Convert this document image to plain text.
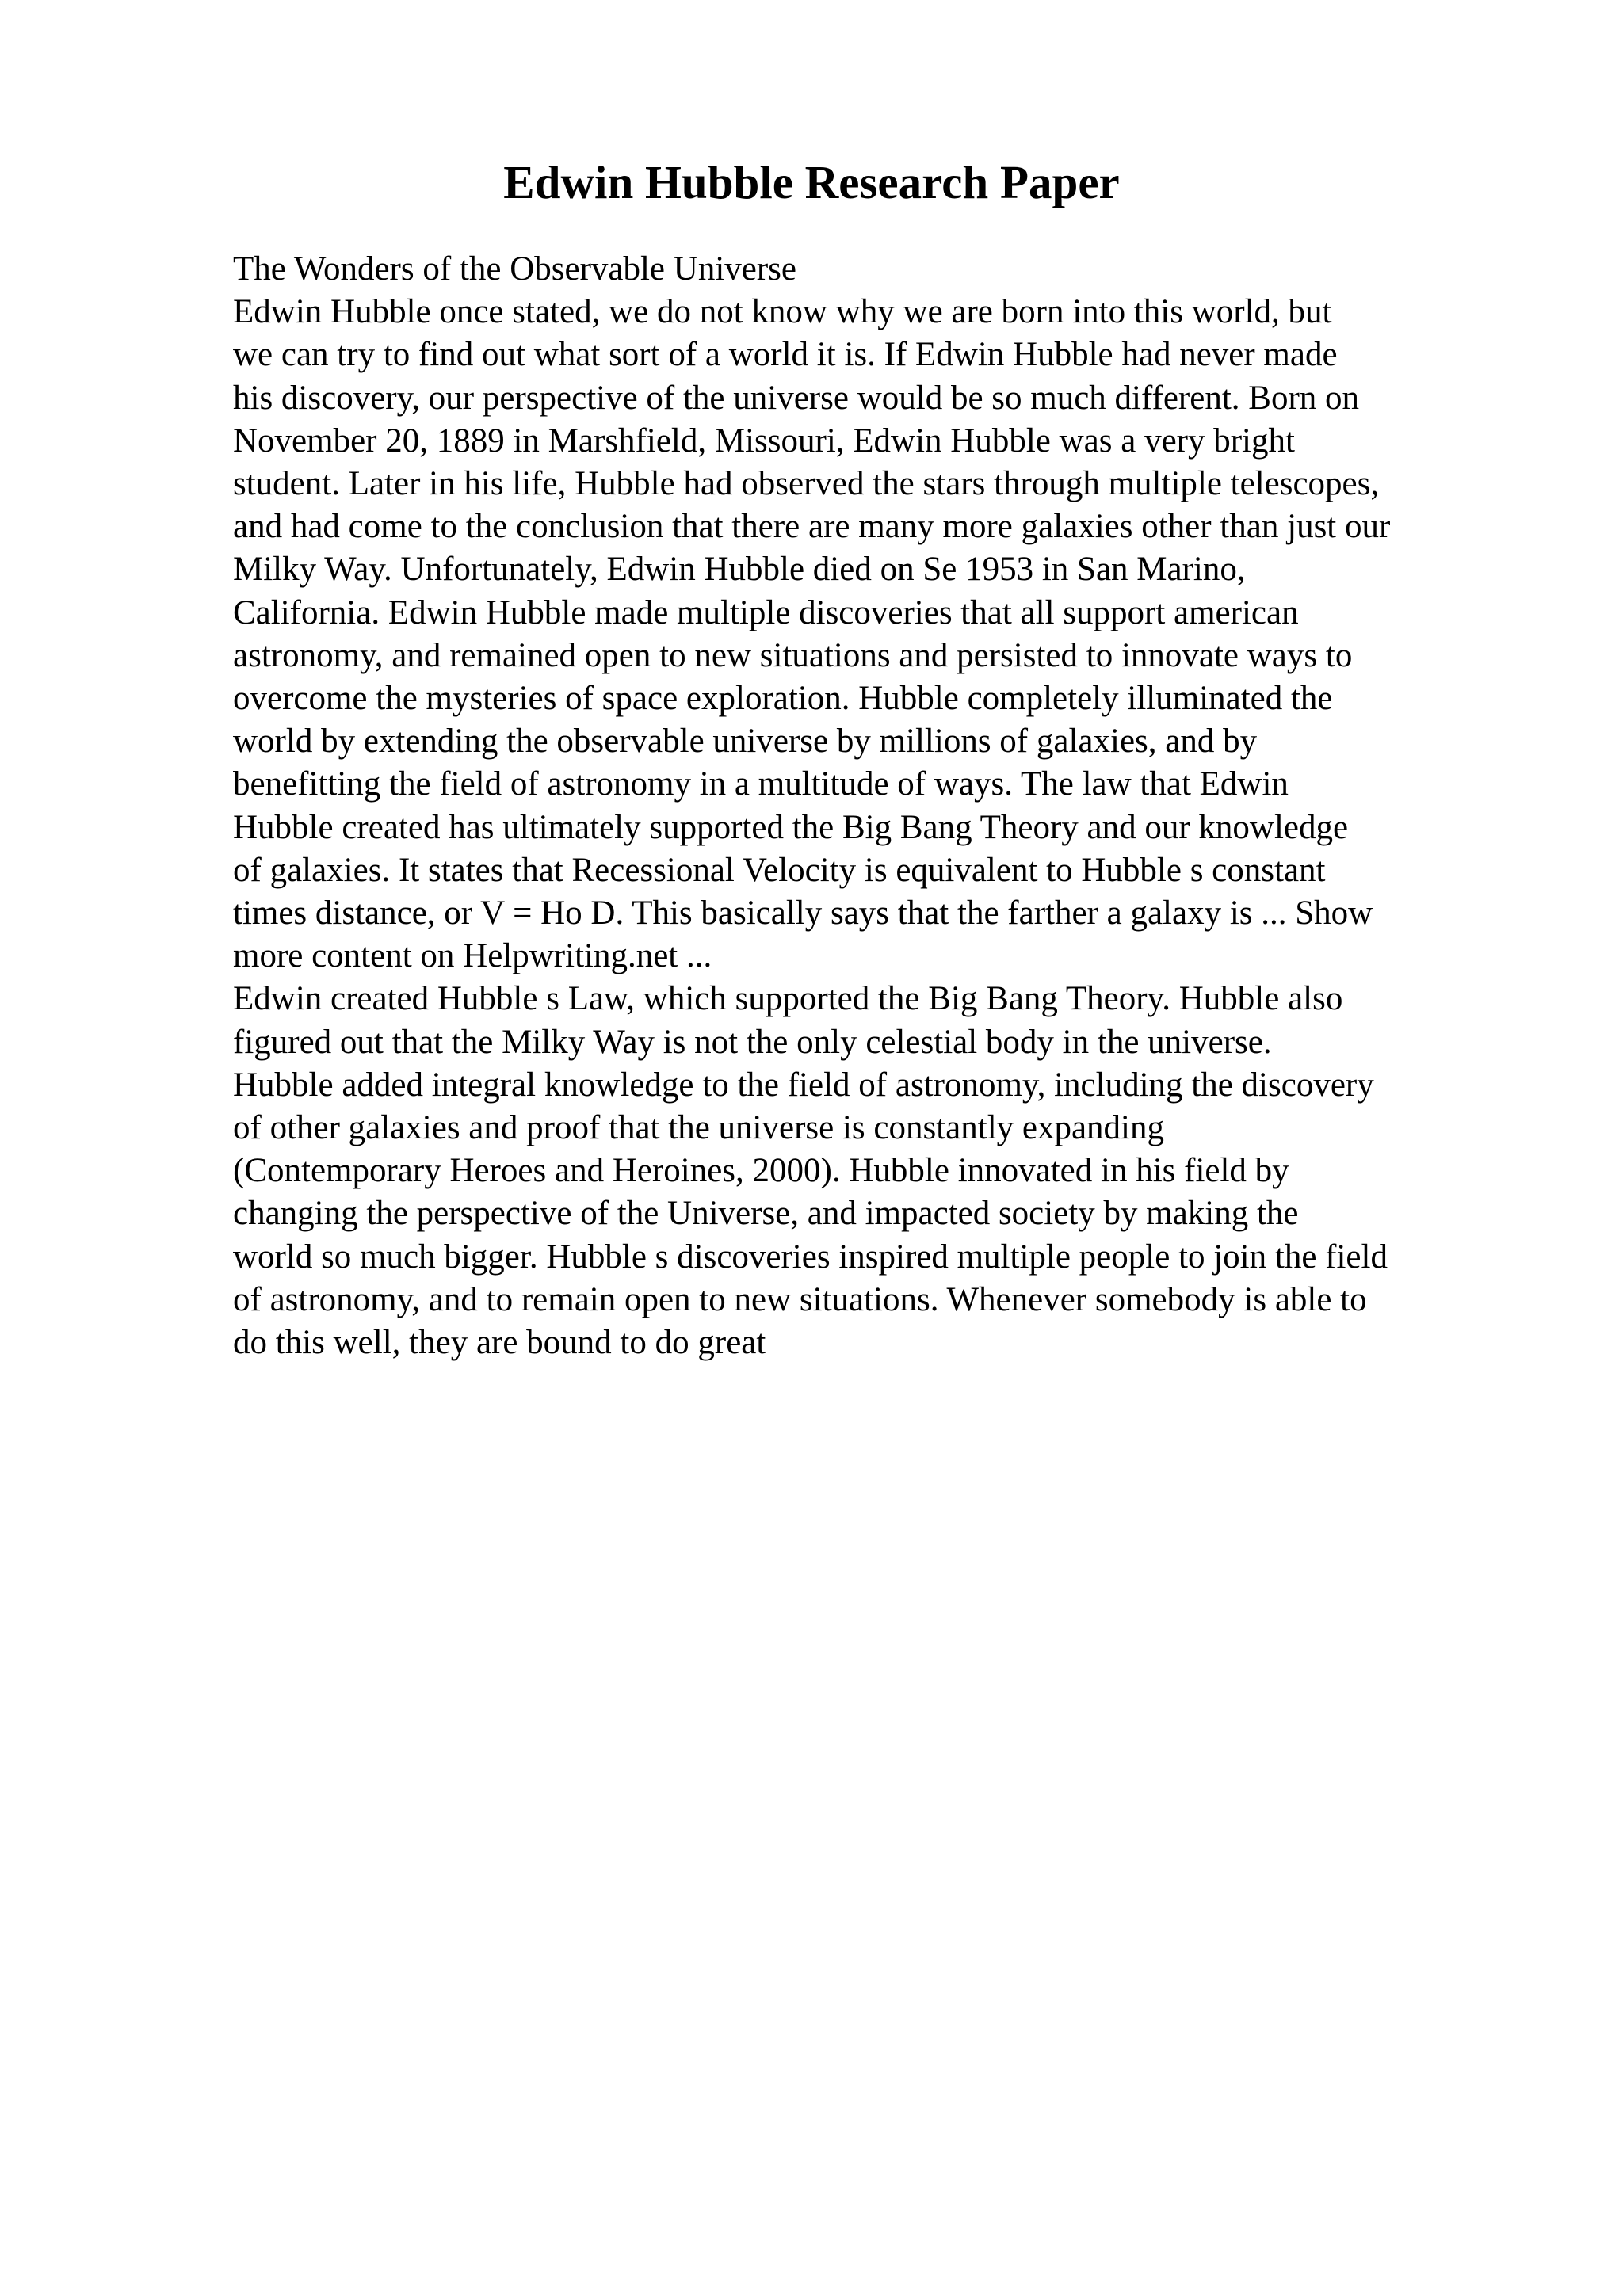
Edwin Hubble Research Paper
The Wonders of the Observable Universe
Edwin Hubble once stated, we do not know why we are born into this world, but
we can try to find out what sort of a world it is. If Edwin Hubble had never made
his discovery, our perspective of the universe would be so much different. Born on
November 20, 1889 in Marshfield, Missouri, Edwin Hubble was a very bright
student. Later in his life, Hubble had observed the stars through multiple telescopes,
and had come to the conclusion that there are many more galaxies other than just our
Milky Way. Unfortunately, Edwin Hubble died on Se 1953 in San Marino,
California. Edwin Hubble made multiple discoveries that all support american
astronomy, and remained open to new situations and persisted to innovate ways to
overcome the mysteries of space exploration. Hubble completely illuminated the
world by extending the observable universe by millions of galaxies, and by
benefitting the field of astronomy in a multitude of ways. The law that Edwin
Hubble created has ultimately supported the Big Bang Theory and our knowledge
of galaxies. It states that Recessional Velocity is equivalent to Hubble s constant
times distance, or V = Ho D. This basically says that the farther a galaxy is ... Show
more content on Helpwriting.net ...
Edwin created Hubble s Law, which supported the Big Bang Theory. Hubble also
figured out that the Milky Way is not the only celestial body in the universe.
Hubble added integral knowledge to the field of astronomy, including the discovery
of other galaxies and proof that the universe is constantly expanding
(Contemporary Heroes and Heroines, 2000). Hubble innovated in his field by
changing the perspective of the Universe, and impacted society by making the
world so much bigger. Hubble s discoveries inspired multiple people to join the field
of astronomy, and to remain open to new situations. Whenever somebody is able to
do this well, they are bound to do great
